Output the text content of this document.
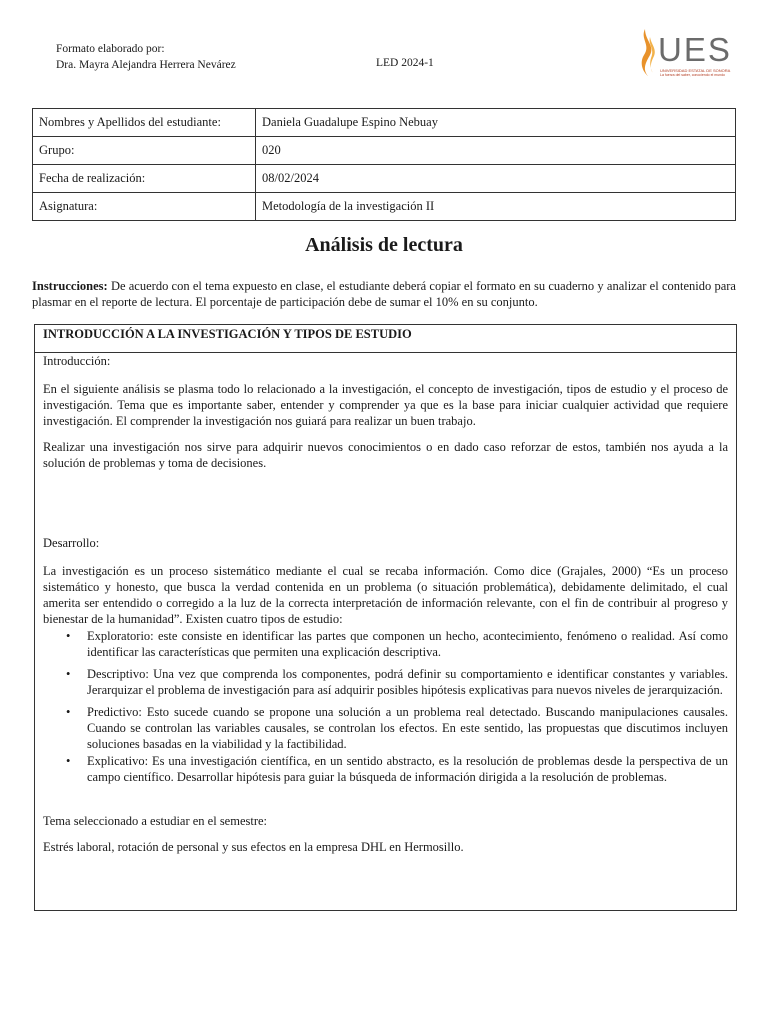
Formato elaborado por:
Dra. Mayra Alejandra Herrera Nevárez	LED 2024-1	UES
UNIVERSIDAD ESTATAL DE SONORA
La fuerza del saber, conociendo el mundo
Nombres y Apellidos del estudiante:	Daniela Guadalupe Espino Nebuay
Grupo:	020
Fecha de realización:	08/02/2024
Asignatura:	Metodología de la investigación II
Análisis de lectura
Instrucciones: De acuerdo con el tema expuesto en clase, el estudiante deberá copiar el formato en su cuaderno y analizar el contenido para plasmar en el reporte de lectura. El porcentaje de participación debe de sumar el 10% en su conjunto.
INTRODUCCIÓN A LA INVESTIGACIÓN Y TIPOS DE ESTUDIO

Introducción:

En el siguiente análisis se plasma todo lo relacionado a la investigación, el concepto de investigación, tipos de estudio y el proceso de investigación. Tema que es importante saber, entender y comprender ya que es la base para iniciar cualquier actividad que requiere investigación. El comprender la investigación nos guiará para realizar un buen trabajo.

Realizar una investigación nos sirve para adquirir nuevos conocimientos o en dado caso reforzar de estos, también nos ayuda a la solución de problemas y toma de decisiones.

Desarrollo:

La investigación es un proceso sistemático mediante el cual se recaba información. Como dice (Grajales, 2000) “Es un proceso sistemático y honesto, que busca la verdad contenida en un problema (o situación problemática), debidamente delimitado, el cual amerita ser entendido o corregido a la luz de la correcta interpretación de información relevante, con el fin de contribuir al progreso y bienestar de la humanidad”. Existen cuatro tipos de estudio:

• Exploratorio: este consiste en identificar las partes que componen un hecho, acontecimiento, fenómeno o realidad. Así como identificar las características que permiten una explicación descriptiva.
• Descriptivo: Una vez que comprenda los componentes, podrá definir su comportamiento e identificar constantes y variables. Jerarquizar el problema de investigación para así adquirir posibles hipótesis explicativas para nuevos niveles de jerarquización.
• Predictivo: Esto sucede cuando se propone una solución a un problema real detectado. Buscando manipulaciones causales. Cuando se controlan las variables causales, se controlan los efectos. En este sentido, las propuestas que discutimos incluyen soluciones basadas en la viabilidad y la factibilidad.
• Explicativo: Es una investigación científica, en un sentido abstracto, es la resolución de problemas desde la perspectiva de un campo científico. Desarrollar hipótesis para guiar la búsqueda de información dirigida a la resolución de problemas.

Tema seleccionado a estudiar en el semestre:

Estrés laboral, rotación de personal y sus efectos en la empresa DHL en Hermosillo.
